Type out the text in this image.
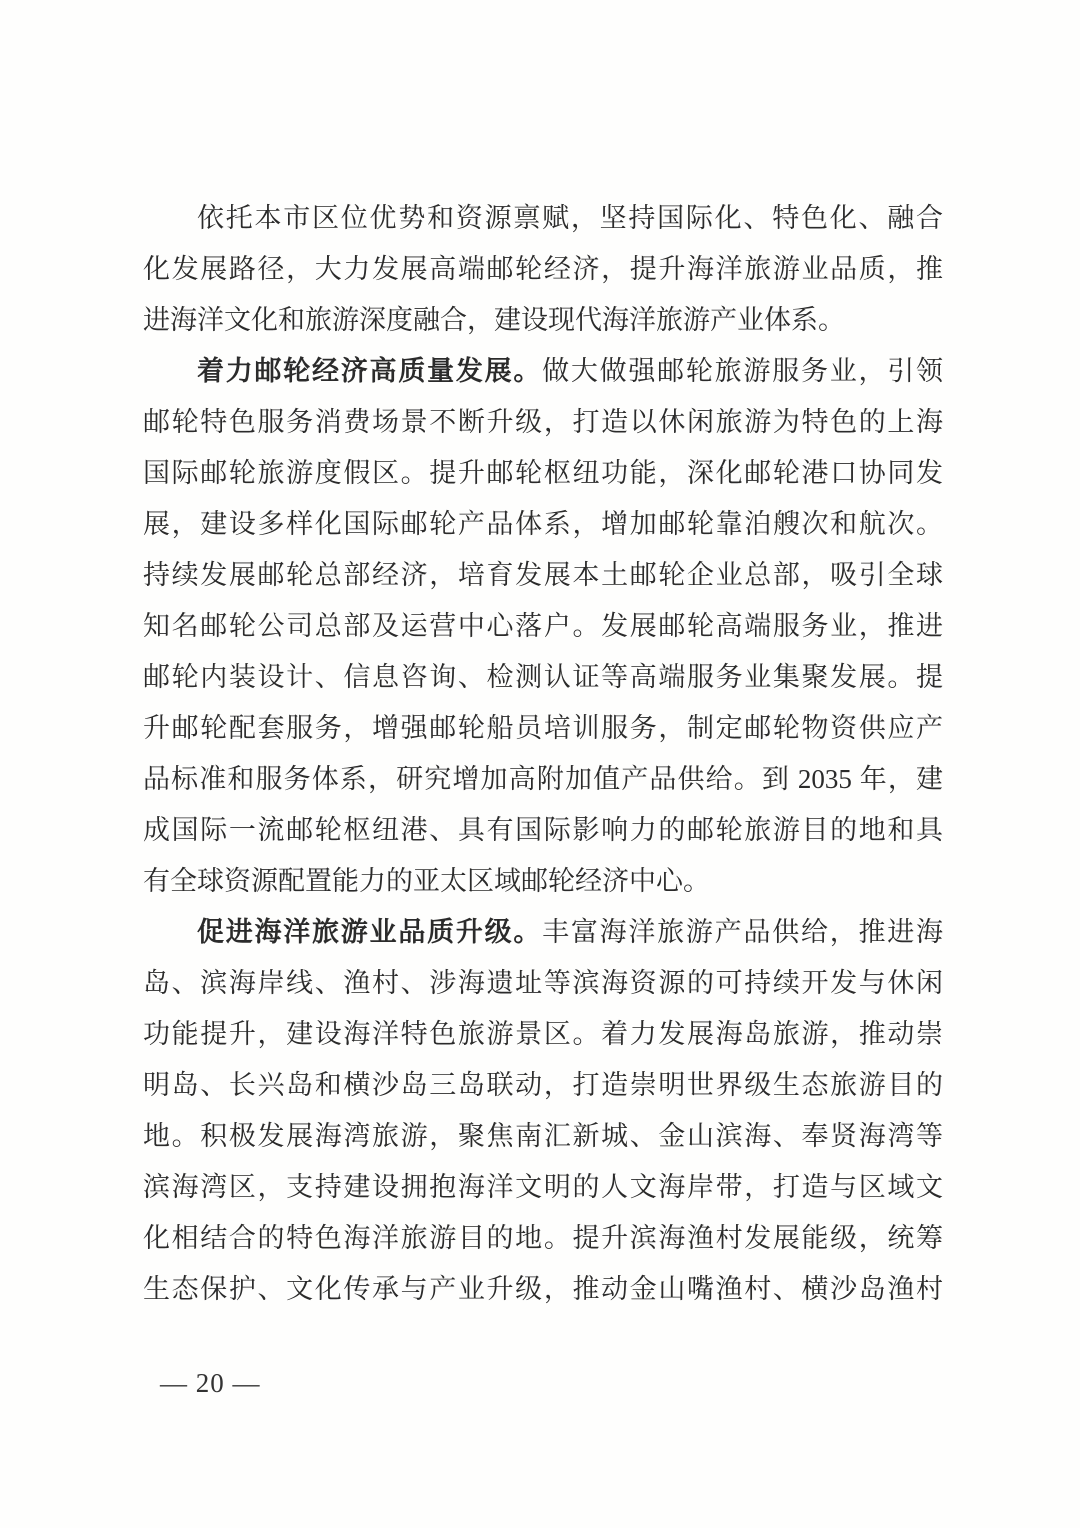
依托本市区位优势和资源禀赋，坚持国际化、特色化、融合
化发展路径，大力发展高端邮轮经济，提升海洋旅游业品质，推
进海洋文化和旅游深度融合，建设现代海洋旅游产业体系。
着力邮轮经济高质量发展。做大做强邮轮旅游服务业，引领
邮轮特色服务消费场景不断升级，打造以休闲旅游为特色的上海
国际邮轮旅游度假区。提升邮轮枢纽功能，深化邮轮港口协同发
展，建设多样化国际邮轮产品体系，增加邮轮靠泊艘次和航次。
持续发展邮轮总部经济，培育发展本土邮轮企业总部，吸引全球
知名邮轮公司总部及运营中心落户。发展邮轮高端服务业，推进
邮轮内装设计、信息咨询、检测认证等高端服务业集聚发展。提
升邮轮配套服务，增强邮轮船员培训服务，制定邮轮物资供应产
品标准和服务体系，研究增加高附加值产品供给。到 2035 年，建
成国际一流邮轮枢纽港、具有国际影响力的邮轮旅游目的地和具
有全球资源配置能力的亚太区域邮轮经济中心。
促进海洋旅游业品质升级。丰富海洋旅游产品供给，推进海
岛、滨海岸线、渔村、涉海遗址等滨海资源的可持续开发与休闲
功能提升，建设海洋特色旅游景区。着力发展海岛旅游，推动崇
明岛、长兴岛和横沙岛三岛联动，打造崇明世界级生态旅游目的
地。积极发展海湾旅游，聚焦南汇新城、金山滨海、奉贤海湾等
滨海湾区，支持建设拥抱海洋文明的人文海岸带，打造与区域文
化相结合的特色海洋旅游目的地。提升滨海渔村发展能级，统筹
生态保护、文化传承与产业升级，推动金山嘴渔村、横沙岛渔村
— 20 —
